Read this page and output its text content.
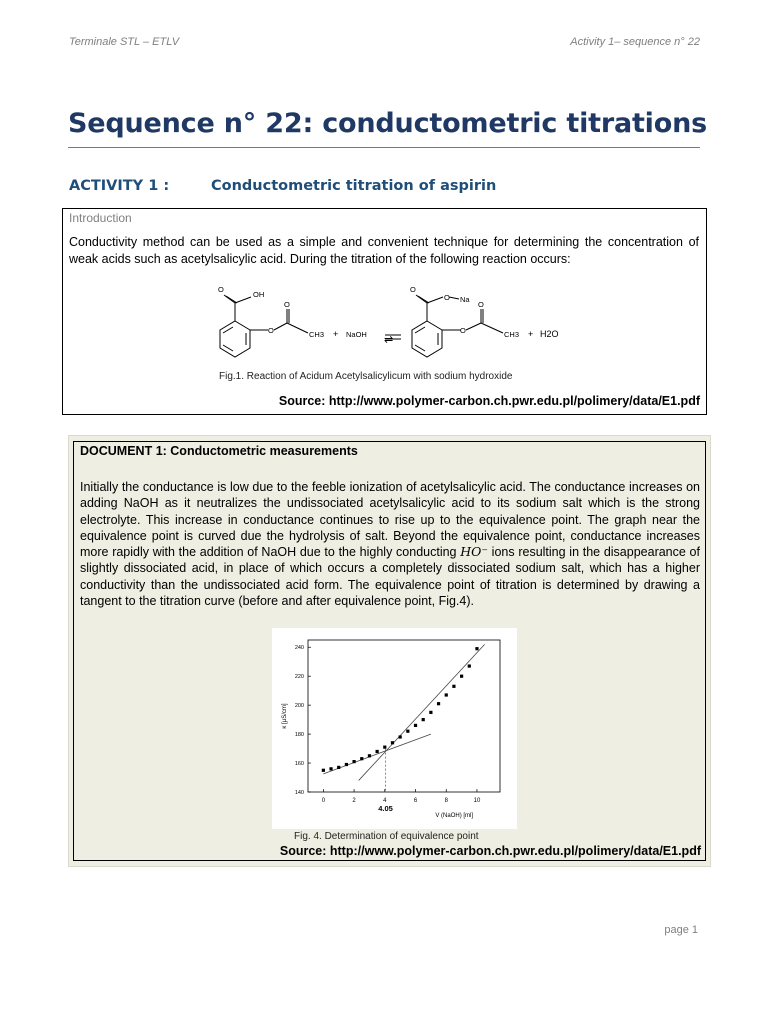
Terminale STL – ETLV	Activity 1– sequence n° 22
Sequence n° 22: conductometric titrations
ACTIVITY 1 :	Conductometric titration of aspirin
Introduction
Conductivity method can be used as a simple and convenient technique for determining the concentration of weak acids such as acetylsalicylic acid. During the titration of the following reaction occurs:
O
OH
O
O
CH3 + NaOH ⇌
O
O Na
O
O
CH3 + H2O
Fig.1. Reaction of Acidum Acetylsalicylicum with sodium hydroxide
Source: http://www.polymer-carbon.ch.pwr.edu.pl/polimery/data/E1.pdf
DOCUMENT 1: Conductometric measurements
Initially the conductance is low due to the feeble ionization of acetylsalicylic acid. The conductance increases on adding NaOH as it neutralizes the undissociated acetylsalicylic acid to its sodium salt which is the strong electrolyte. This increase in conductance continues to rise up to the equivalence point. The graph near the equivalence point is curved due the hydrolysis of salt. Beyond the equivalence point, conductance increases more rapidly with the addition of NaOH due to the highly conducting HO⁻ ions resulting in the disappearance of slightly dissociated acid, in place of which occurs a completely dissociated sodium salt, which has a higher conductivity than the undissociated acid form. The equivalence point of titration is determined by drawing a tangent to the titration curve (before and after equivalence point, Fig.4).
0	2	4	6	8	10
140
160
180
200
220
240
V (NaOH) [ml]
κ [μS/cm]
4.05
Fig. 4. Determination of equivalence point
Source: http://www.polymer-carbon.ch.pwr.edu.pl/polimery/data/E1.pdf
page 1
